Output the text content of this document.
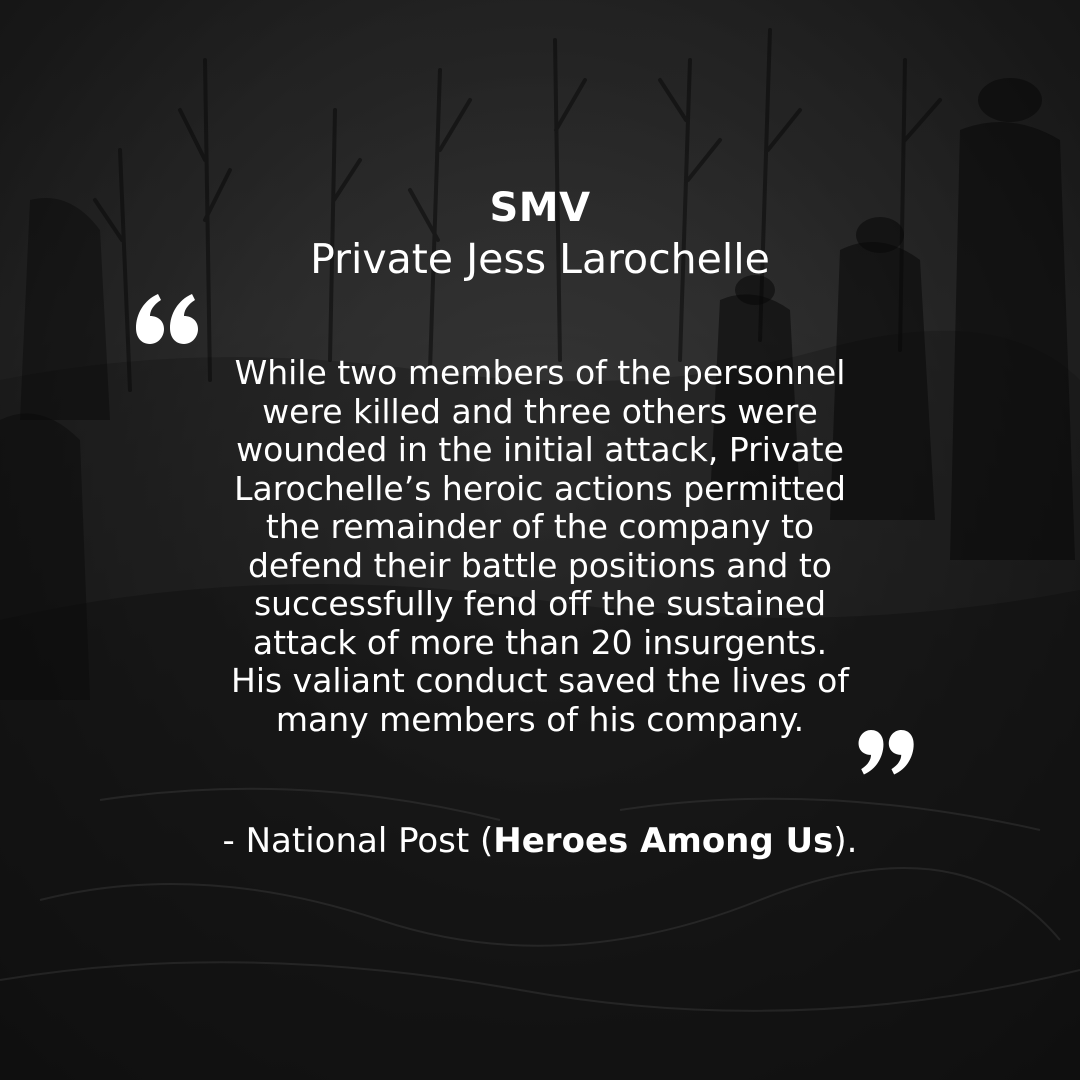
SMV
Private Jess Larochelle
While two members of the personnel
were killed and three others were
wounded in the initial attack, Private
Larochelle’s heroic actions permitted
the remainder of the company to
defend their battle positions and to
successfully fend off the sustained
attack of more than 20 insurgents.
His valiant conduct saved the lives of
many members of his company.
- National Post (Heroes Among Us).
